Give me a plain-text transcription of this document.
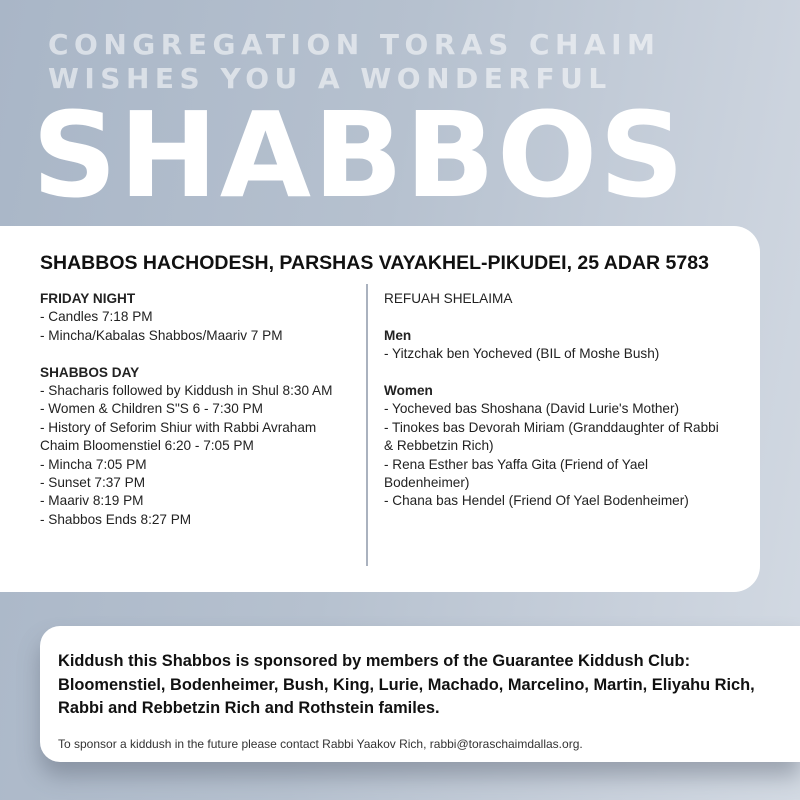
CONGREGATION TORAS CHAIM
WISHES YOU A WONDERFUL
SHABBOS
SHABBOS HACHODESH, PARSHAS VAYAKHEL-PIKUDEI, 25 ADAR 5783
FRIDAY NIGHT
- Candles 7:18 PM
- Mincha/Kabalas Shabbos/Maariv 7 PM
SHABBOS DAY
- Shacharis followed by Kiddush in Shul 8:30 AM
- Women & Children S"S 6 - 7:30 PM
- History of Seforim Shiur with Rabbi Avraham Chaim Bloomenstiel 6:20 - 7:05 PM
- Mincha 7:05 PM
- Sunset 7:37 PM
- Maariv 8:19 PM
- Shabbos Ends 8:27 PM
REFUAH SHELAIMA
Men
- Yitzchak ben Yocheved (BIL of Moshe Bush)
Women
- Yocheved bas Shoshana (David Lurie's Mother)
- Tinokes bas Devorah Miriam (Granddaughter of Rabbi & Rebbetzin Rich)
- Rena Esther bas Yaffa Gita (Friend of Yael Bodenheimer)
- Chana bas Hendel (Friend Of Yael Bodenheimer)
Kiddush this Shabbos is sponsored by members of the Guarantee Kiddush Club: Bloomenstiel, Bodenheimer, Bush, King, Lurie, Machado, Marcelino, Martin, Eliyahu Rich, Rabbi and Rebbetzin Rich and Rothstein familes.
To sponsor a kiddush in the future please contact Rabbi Yaakov Rich, rabbi@toraschaimdallas.org.
